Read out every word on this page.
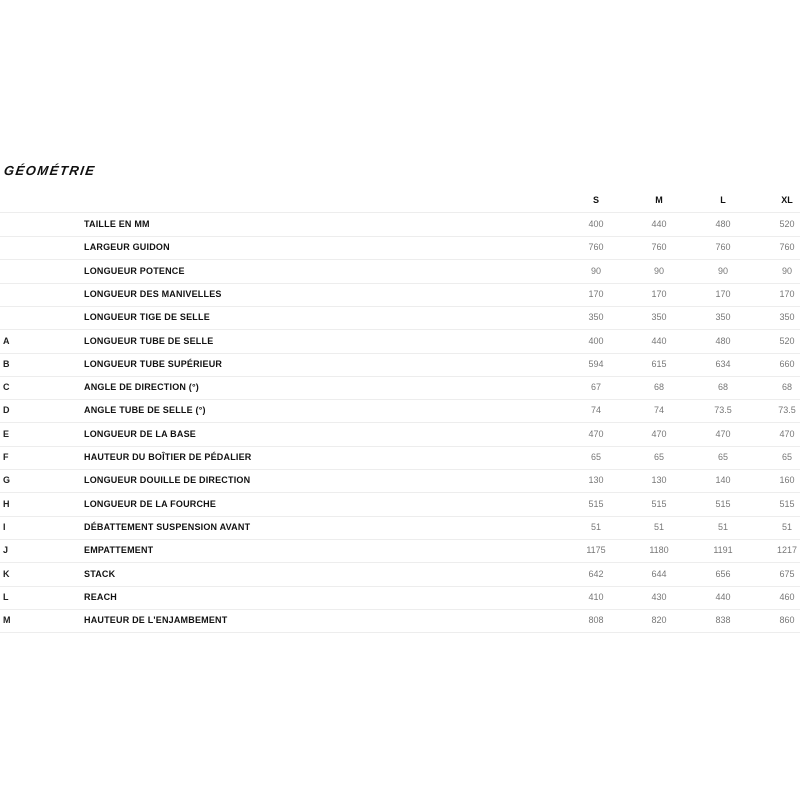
GÉOMÉTRIE
S	M	L	XL
TAILLE EN MM	400	440	480	520
LARGEUR GUIDON	760	760	760	760
LONGUEUR POTENCE	90	90	90	90
LONGUEUR DES MANIVELLES	170	170	170	170
LONGUEUR TIGE DE SELLE	350	350	350	350
A	LONGUEUR TUBE DE SELLE	400	440	480	520
B	LONGUEUR TUBE SUPÉRIEUR	594	615	634	660
C	ANGLE DE DIRECTION (°)	67	68	68	68
D	ANGLE TUBE DE SELLE (°)	74	74	73.5	73.5
E	LONGUEUR DE LA BASE	470	470	470	470
F	HAUTEUR DU BOÎTIER DE PÉDALIER	65	65	65	65
G	LONGUEUR DOUILLE DE DIRECTION	130	130	140	160
H	LONGUEUR DE LA FOURCHE	515	515	515	515
I	DÉBATTEMENT SUSPENSION AVANT	51	51	51	51
J	EMPATTEMENT	1175	1180	1191	1217
K	STACK	642	644	656	675
L	REACH	410	430	440	460
M	HAUTEUR DE L'ENJAMBEMENT	808	820	838	860
